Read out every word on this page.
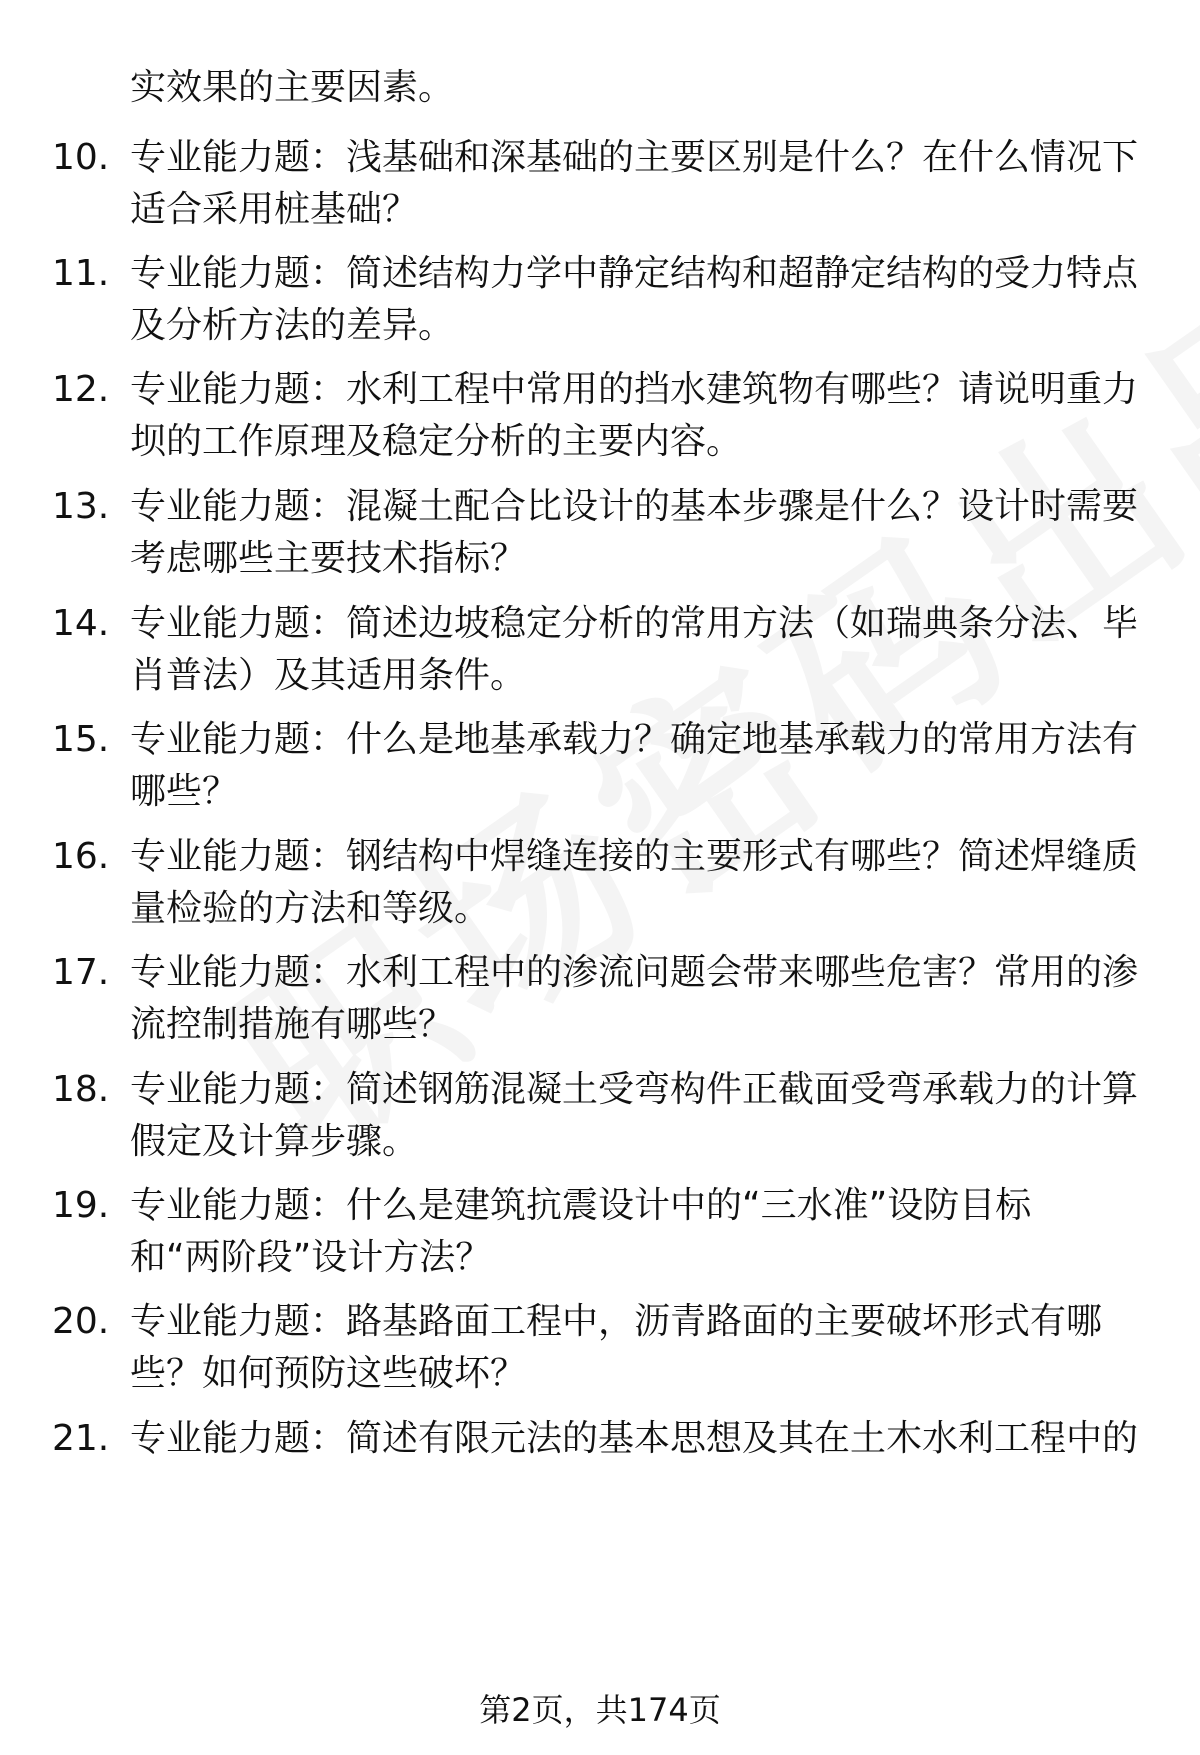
实效果的主要因素。
10. 专业能力题：浅基础和深基础的主要区别是什么？在什么情况下适合采用桩基础？
11. 专业能力题：简述结构力学中静定结构和超静定结构的受力特点及分析方法的差异。
12. 专业能力题：水利工程中常用的挡水建筑物有哪些？请说明重力坝的工作原理及稳定分析的主要内容。
13. 专业能力题：混凝土配合比设计的基本步骤是什么？设计时需要考虑哪些主要技术指标？
14. 专业能力题：简述边坡稳定分析的常用方法（如瑞典条分法、毕肖普法）及其适用条件。
15. 专业能力题：什么是地基承载力？确定地基承载力的常用方法有哪些？
16. 专业能力题：钢结构中焊缝连接的主要形式有哪些？简述焊缝质量检验的方法和等级。
17. 专业能力题：水利工程中的渗流问题会带来哪些危害？常用的渗流控制措施有哪些？
18. 专业能力题：简述钢筋混凝土受弯构件正截面受弯承载力的计算假定及计算步骤。
19. 专业能力题：什么是建筑抗震设计中的“三水准”设防目标和“两阶段”设计方法？
20. 专业能力题：路基路面工程中，沥青路面的主要破坏形式有哪些？如何预防这些破坏？
21. 专业能力题：简述有限元法的基本思想及其在土木水利工程中的
第2页，共174页
